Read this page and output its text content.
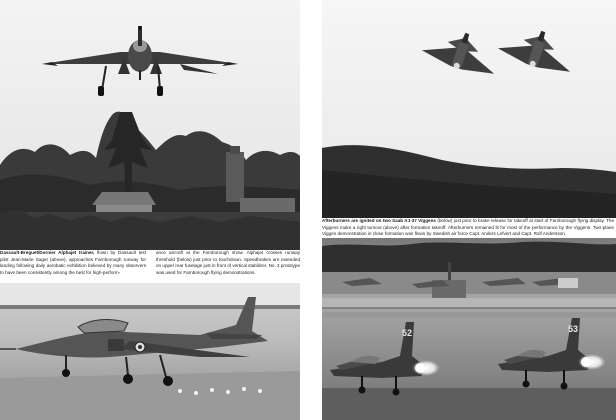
Dassault-Breguet/Dornier Alphajet trainer, flown by Dassault test pilot Jean-Marie Saget (above), approaches Farnborough runway for landing following daily aerobatic exhibition believed by many observers to have been consistently among the best for high-perform-

ance aircraft at the Farnborough show. Alphajet crosses runway threshold (below) just prior to touchdown. Speedbrakes are extended on upper rear fuselage just in front of vertical stabilizer. No. 2 prototype was used for Farnborough flying demonstrations.

Afterburners are ignited on two Saab AJ-37 Viggens (below) just prior to brake release for takeoff at start of Farnborough flying display. The Viggens make a right turnout (above) after formation takeoff. Afterburners remained lit for most of the performance by the Viggens. Two-plane Viggen demonstration in close formation was flown by Swedish air force Capt. Anders Lefvert and Capt. Rolf Andersson.

52	53
